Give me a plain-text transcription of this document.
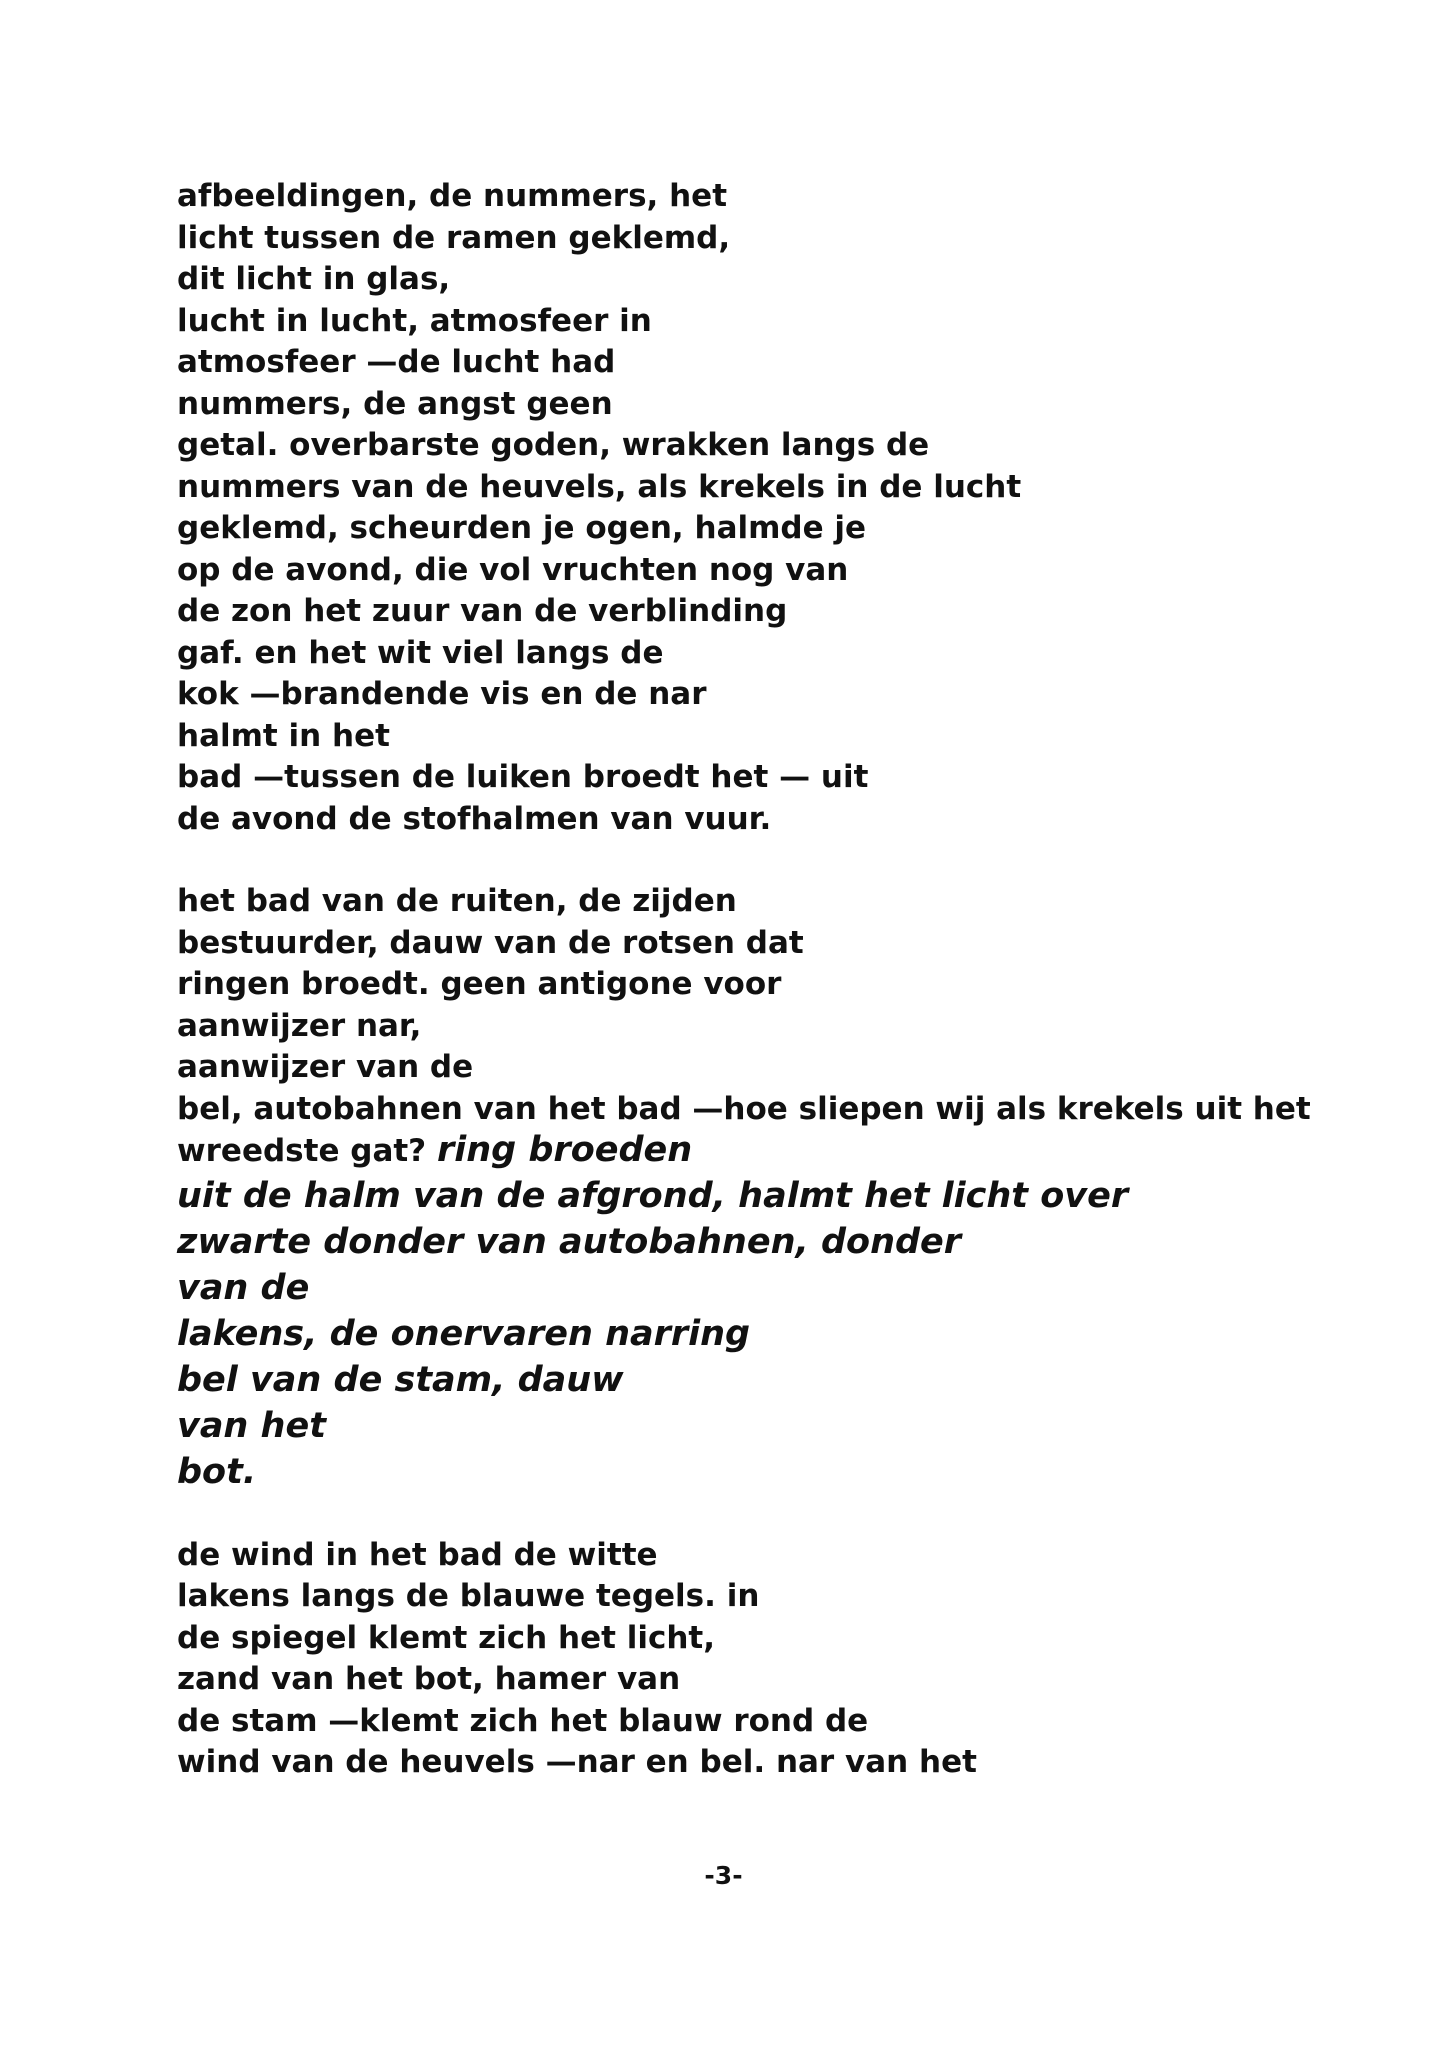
afbeeldingen, de nummers, het
licht tussen de ramen geklemd,
dit licht in glas,
lucht in lucht, atmosfeer in
atmosfeer —de lucht had
nummers, de angst geen
getal. overbarste goden, wrakken langs de
nummers van de heuvels, als krekels in de lucht
geklemd, scheurden je ogen, halmde je
op de avond, die vol vruchten nog van
de zon het zuur van de verblinding
gaf. en het wit viel langs de
kok —brandende vis en de nar
halmt in het
bad —tussen de luiken broedt het — uit
de avond de stofhalmen van vuur.
het bad van de ruiten, de zijden
bestuurder, dauw van de rotsen dat
ringen broedt. geen antigone voor
aanwijzer nar,
aanwijzer van de
bel, autobahnen van het bad —hoe sliepen wij als krekels uit het
wreedste gat? ring broeden
uit de halm van de afgrond, halmt het licht over
zwarte donder van autobahnen, donder
van de
lakens, de onervaren narring
bel van de stam, dauw
van het
bot.
de wind in het bad de witte
lakens langs de blauwe tegels. in
de spiegel klemt zich het licht,
zand van het bot, hamer van
de stam —klemt zich het blauw rond de
wind van de heuvels —nar en bel. nar van het
-3-
